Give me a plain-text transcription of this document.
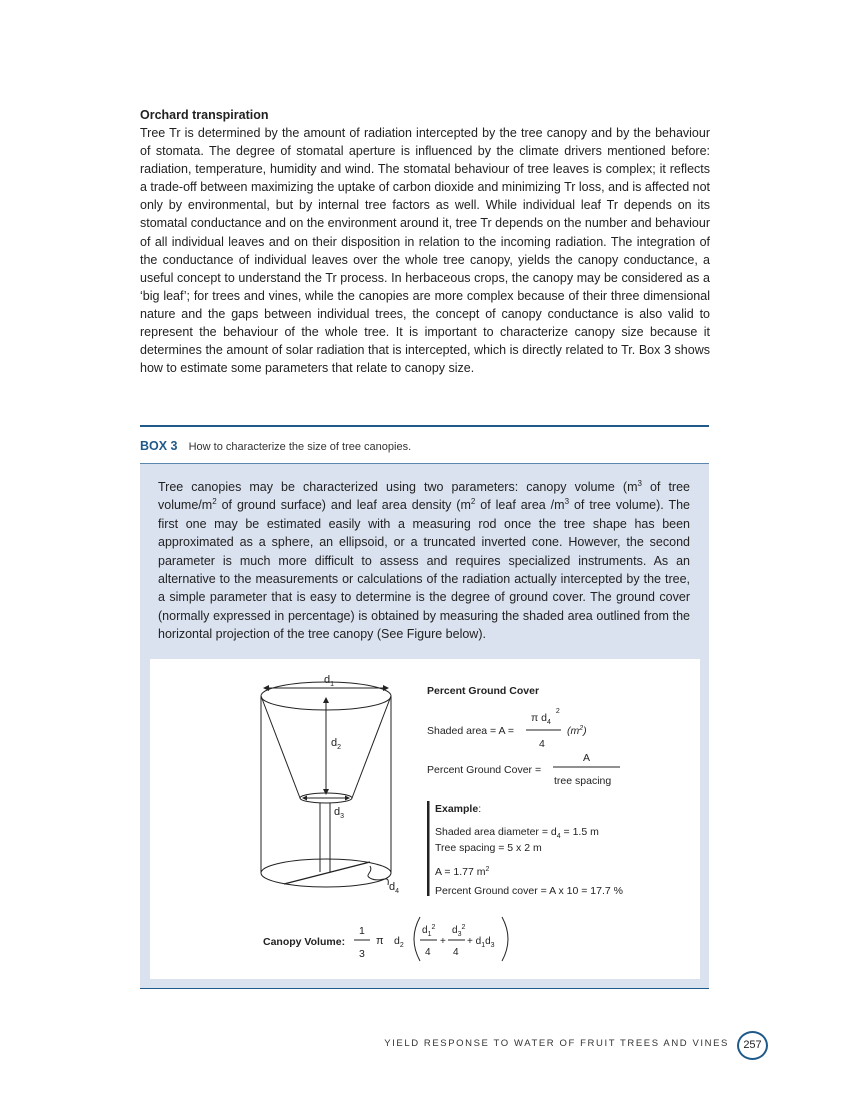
Orchard transpiration

Tree Tr is determined by the amount of radiation intercepted by the tree canopy and by the behaviour of stomata. The degree of stomatal aperture is influenced by the climate drivers mentioned before: radiation, temperature, humidity and wind. The stomatal behaviour of tree leaves is complex; it reflects a trade-off between maximizing the uptake of carbon dioxide and minimizing Tr loss, and is affected not only by environmental, but by internal tree factors as well. While individual leaf Tr depends on its stomatal conductance and on the environment around it, tree Tr depends on the number and behaviour of all individual leaves and on their disposition in relation to the incoming radiation. The integration of the conductance of individual leaves over the whole tree canopy, yields the canopy conductance, a useful concept to understand the Tr process. In herbaceous crops, the canopy may be considered as a ‘big leaf’; for trees and vines, while the canopies are more complex because of their three dimensional nature and the gaps between individual trees, the concept of canopy conductance is also valid to represent the behaviour of the whole tree. It is important to characterize canopy size because it determines the amount of solar radiation that is intercepted, which is directly related to Tr. Box 3 shows how to estimate some parameters that relate to canopy size.

BOX 3 How to characterize the size of tree canopies.

Tree canopies may be characterized using two parameters: canopy volume ($m^3$ of tree volume/$m^2$ of ground surface) and leaf area density ($m^2$ of leaf area $/m^3$ of tree volume). The first one may be estimated easily with a measuring rod once the tree shape has been approximated as a sphere, an ellipsoid, or a truncated inverted cone. However, the second parameter is much more difficult to assess and requires specialized instruments. As an alternative to the measurements or calculations of the radiation actually intercepted by the tree, a simple parameter that is easy to determine is the degree of ground cover. The ground cover (normally expressed in percentage) is obtained by measuring the shaded area outlined from the horizontal projection of the tree canopy (See Figure below).

$d_1$
$d_2$
$d_3$
$d_4$
Percent Ground Cover
Shaded area = A =
π $d_4^2$
4
$(m^2)$
Percent Ground Cover =
A
tree spacing
Example:
Shaded area diameter = $d_4 = 1.5$ m
Tree spacing = 5 x 2 m
A = 1.77 $m^2$
Percent Ground cover = A x 10 = 17.7 %
Canopy Volume:
1
3
π $d_2$
$d_1^2$
4
+
$d_3^2$
4
+ $d_1d_3$
YIELD RESPONSE TO WATER OF FRUIT TREES AND VINES	257
